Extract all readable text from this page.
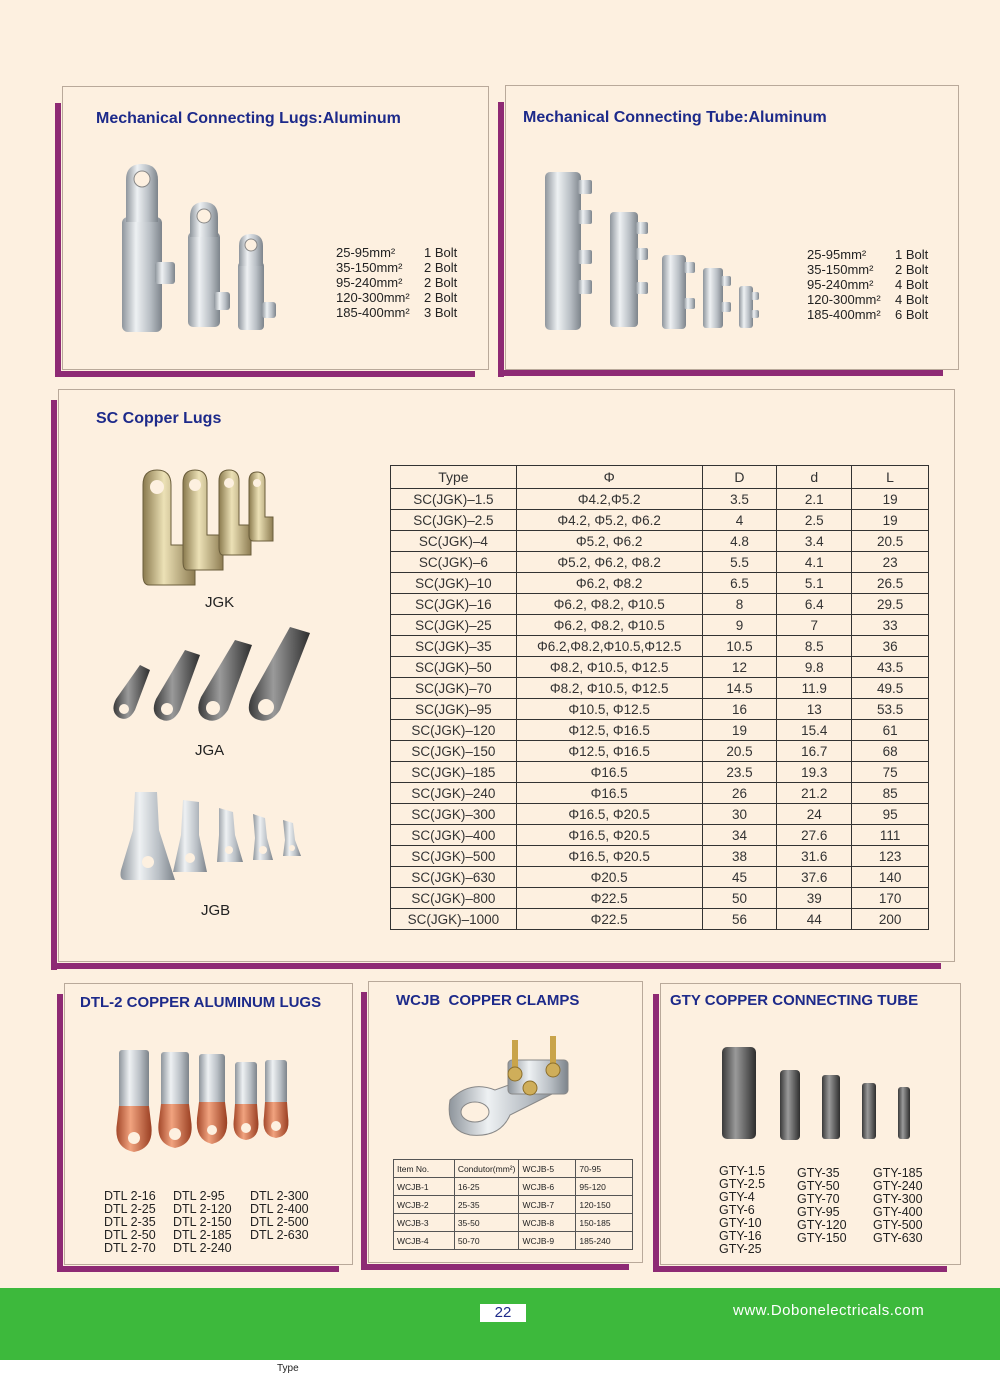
Mechanical Connecting Lugs:Aluminum
25-95mm²	1 Bolt
35-150mm²	2 Bolt
95-240mm²	2 Bolt
120-300mm²	2 Bolt
185-400mm²	3 Bolt
Mechanical Connecting Tube:Aluminum
25-95mm²	1 Bolt
35-150mm²	2 Bolt
95-240mm²	4 Bolt
120-300mm²	4 Bolt
185-400mm²	6 Bolt
SC Copper Lugs
JGK
JGA
JGB
Type	Φ	D	d	L
SC(JGK)–1.5	Φ4.2,Φ5.2	3.5	2.1	19
SC(JGK)–2.5	Φ4.2, Φ5.2, Φ6.2	4	2.5	19
SC(JGK)–4	Φ5.2, Φ6.2	4.8	3.4	20.5
SC(JGK)–6	Φ5.2, Φ6.2, Φ8.2	5.5	4.1	23
SC(JGK)–10	Φ6.2, Φ8.2	6.5	5.1	26.5
SC(JGK)–16	Φ6.2, Φ8.2, Φ10.5	8	6.4	29.5
SC(JGK)–25	Φ6.2, Φ8.2, Φ10.5	9	7	33
SC(JGK)–35	Φ6.2,Φ8.2,Φ10.5,Φ12.5	10.5	8.5	36
SC(JGK)–50	Φ8.2, Φ10.5, Φ12.5	12	9.8	43.5
SC(JGK)–70	Φ8.2, Φ10.5, Φ12.5	14.5	11.9	49.5
SC(JGK)–95	Φ10.5, Φ12.5	16	13	53.5
SC(JGK)–120	Φ12.5, Φ16.5	19	15.4	61
SC(JGK)–150	Φ12.5, Φ16.5	20.5	16.7	68
SC(JGK)–185	Φ16.5	23.5	19.3	75
SC(JGK)–240	Φ16.5	26	21.2	85
SC(JGK)–300	Φ16.5, Φ20.5	30	24	95
SC(JGK)–400	Φ16.5, Φ20.5	34	27.6	111
SC(JGK)–500	Φ16.5, Φ20.5	38	31.6	123
SC(JGK)–630	Φ20.5	45	37.6	140
SC(JGK)–800	Φ22.5	50	39	170
SC(JGK)–1000	Φ22.5	56	44	200
DTL-2 COPPER ALUMINUM LUGS
DTL 2-16
DTL 2-25
DTL 2-35
DTL 2-50
DTL 2-70
DTL 2-95
DTL 2-120
DTL 2-150
DTL 2-185
DTL 2-240
DTL 2-300
DTL 2-400
DTL 2-500
DTL 2-630
WCJB  COPPER CLAMPS
Item No.	Condutor(mm²)	WCJB-5	70-95
WCJB-1	16-25	WCJB-6	95-120
WCJB-2	25-35	WCJB-7	120-150
WCJB-3	35-50	WCJB-8	150-185
WCJB-4	50-70	WCJB-9	185-240
GTY COPPER CONNECTING TUBE
GTY-1.5
GTY-2.5
GTY-4
GTY-6
GTY-10
GTY-16
GTY-25
GTY-35
GTY-50
GTY-70
GTY-95
GTY-120
GTY-150
GTY-185
GTY-240
GTY-300
GTY-400
GTY-500
GTY-630
22	www.Dobonelectricals.com
Type
